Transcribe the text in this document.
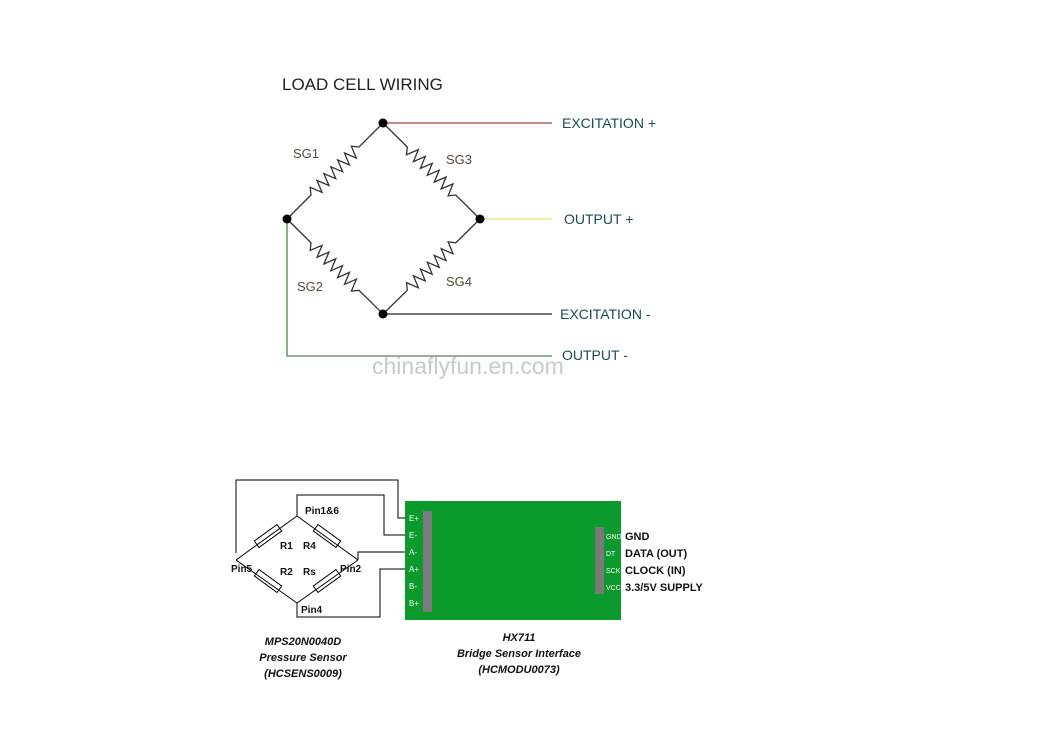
LOAD CELL WIRING
SG1	SG3
SG2	SG4
EXCITATION +
OUTPUT +
EXCITATION -
OUTPUT -
chinaflyfun.en.com
E+
E-
A-
A+
B-
B+
GND
DT
SCK
VCC
GND
DATA (OUT)
CLOCK (IN)
3.3/5V SUPPLY
Pin1&6
Pin5	Pin2
Pin4
R1 R4
R2 Rs
MPS20N0040D
Pressure Sensor
(HCSENS0009)
HX711
Bridge Sensor Interface
(HCMODU0073)
